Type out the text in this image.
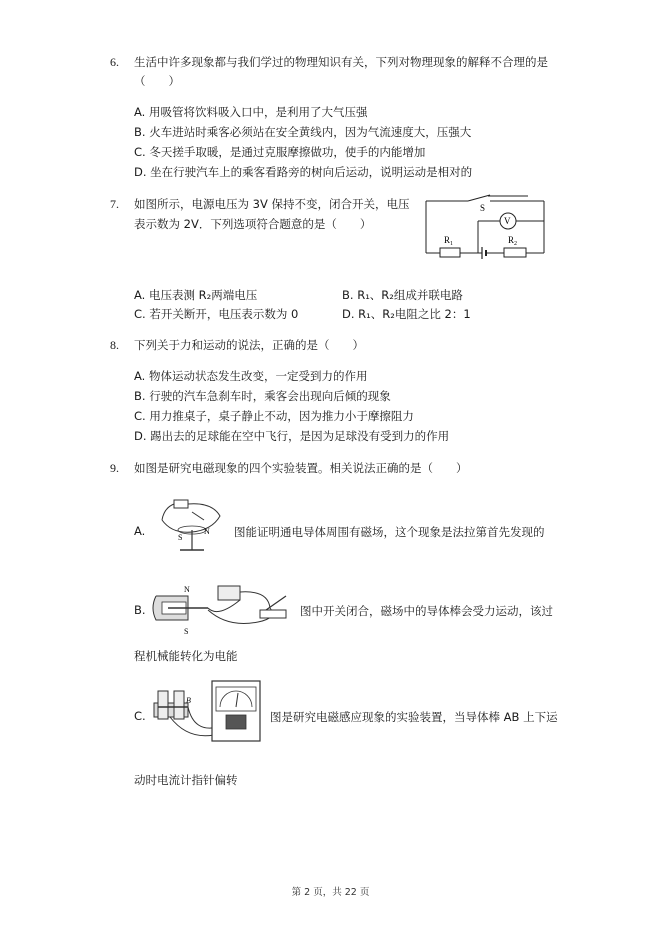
6. 生活中许多现象都与我们学过的物理知识有关，下列对物理现象的解释不合理的是
（　　）
A. 用吸管将饮料吸入口中，是利用了大气压强
B. 火车进站时乘客必须站在安全黄线内，因为气流速度大，压强大
C. 冬天搓手取暖，是通过克服摩擦做功，使手的内能增加
D. 坐在行驶汽车上的乘客看路旁的树向后运动，说明运动是相对的
7. 如图所示，电源电压为 3V 保持不变，闭合开关，电压
表示数为 2V．下列选项符合题意的是（　　）
S
V
$R_1$	$R_2$
A. 电压表测 R₂两端电压	B. R₁、R₂组成并联电路
C. 若开关断开，电压表示数为 0	D. R₁、R₂电阻之比 2：1
8. 下列关于力和运动的说法，正确的是（　　）
A. 物体运动状态发生改变，一定受到力的作用
B. 行驶的汽车急刹车时，乘客会出现向后倾的现象
C. 用力推桌子，桌子静止不动，因为推力小于摩擦阻力
D. 踢出去的足球能在空中飞行，是因为足球没有受到力的作用
9. 如图是研究电磁现象的四个实验装置。相关说法正确的是（　　）
A.	S
N 图能证明通电导体周围有磁场，这个现象是法拉第首先发现的
B.
N
S
图中开关闭合，磁场中的导体棒会受力运动，该过
程机械能转化为电能
C.
B
图是研究电磁感应现象的实验装置，当导体棒 AB 上下运
动时电流计指针偏转
第 2 页，共 22 页
